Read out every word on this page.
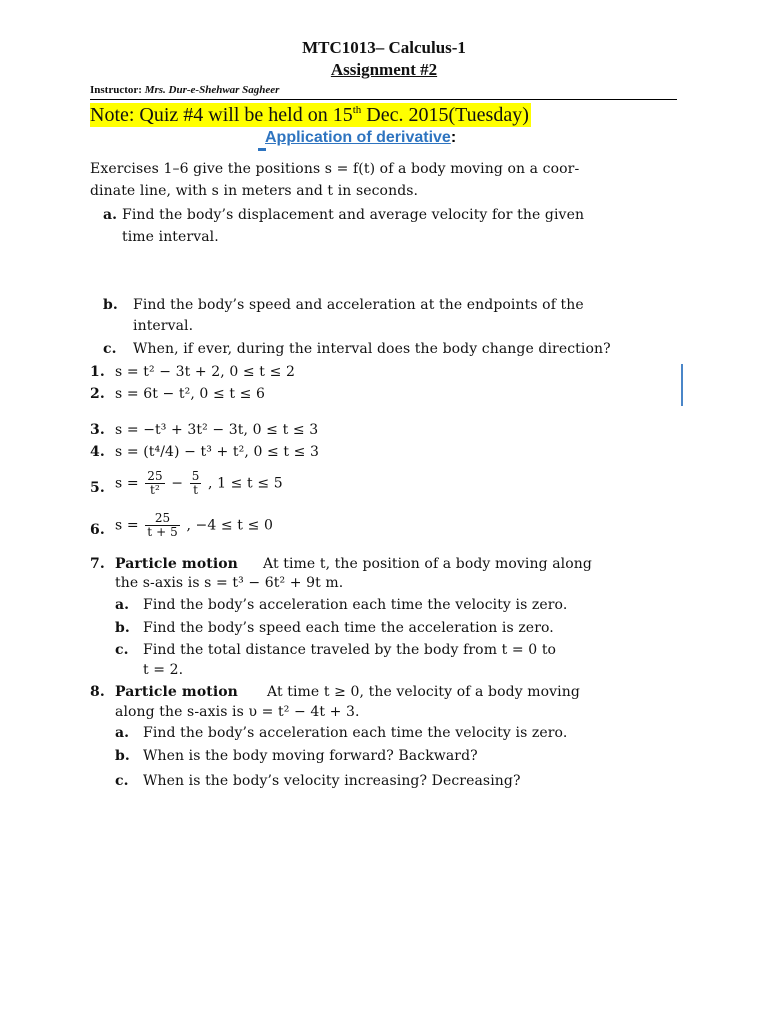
MTC1013– Calculus-1
Assignment #2
Instructor: Mrs. Dur-e-Shehwar Sagheer
Note: Quiz #4 will be held on 15th Dec. 2015(Tuesday)
Application of derivative:
Exercises 1–6 give the positions s = f(t) of a body moving on a coor-
dinate line, with s in meters and t in seconds.
a. Find the body’s displacement and average velocity for the given
time interval.
b. Find the body’s speed and acceleration at the endpoints of the
interval.
c. When, if ever, during the interval does the body change direction?
1. s = t² − 3t + 2, 0 ≤ t ≤ 2
2. s = 6t − t², 0 ≤ t ≤ 6
3. s = −t³ + 3t² − 3t, 0 ≤ t ≤ 3
4. s = (t⁴/4) − t³ + t², 0 ≤ t ≤ 3
5. $s = \frac{25}{\text{t²}} - \frac{5}{t}$ , 1 ≤ t ≤ 5
6. $s = \frac{25}{t + 5}$ , −4 ≤ t ≤ 0
7. Particle motion At time t, the position of a body moving along
the s-axis is s = t³ − 6t² + 9t m.
a. Find the body’s acceleration each time the velocity is zero.
b. Find the body’s speed each time the acceleration is zero.
c. Find the total distance traveled by the body from t = 0 to
t = 2.
8. Particle motion At time t ≥ 0, the velocity of a body moving
along the s-axis is υ = t² − 4t + 3.
a. Find the body’s acceleration each time the velocity is zero.
b. When is the body moving forward? Backward?
c. When is the body’s velocity increasing? Decreasing?
